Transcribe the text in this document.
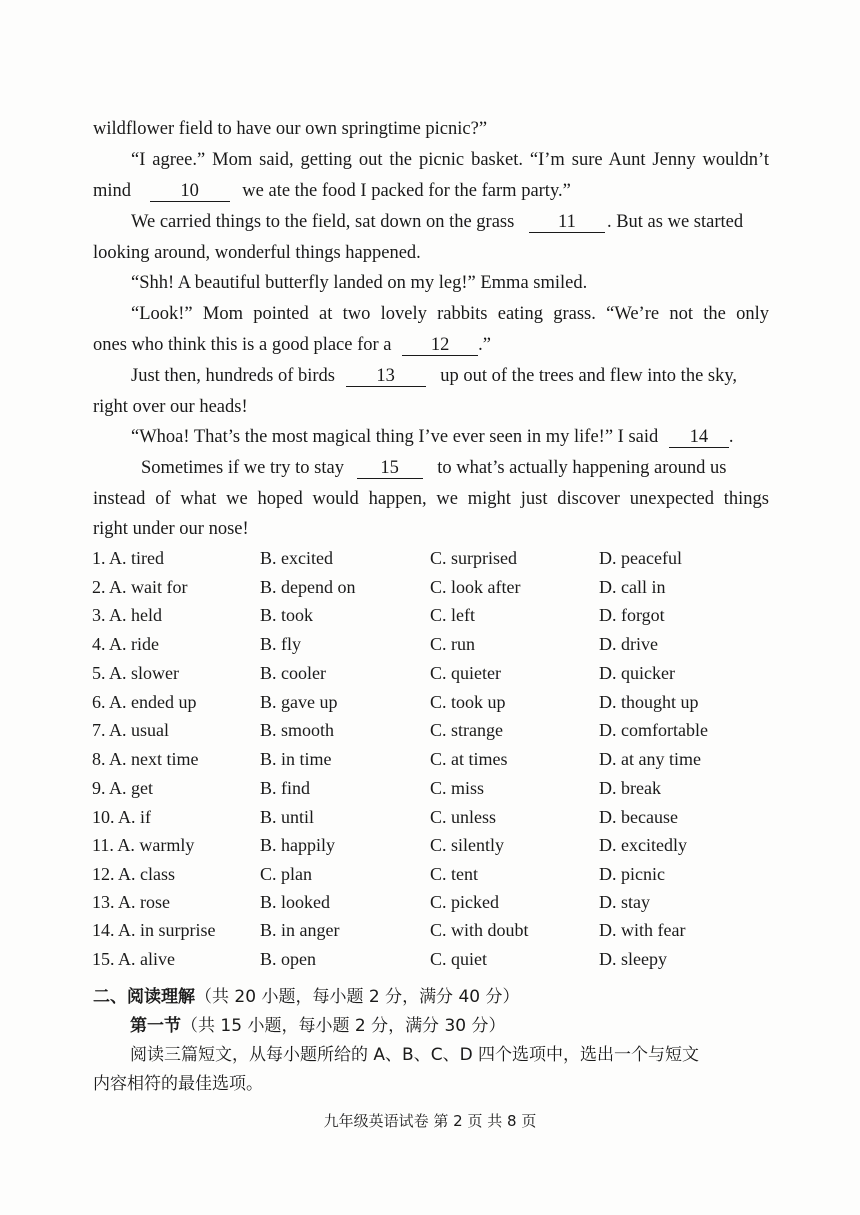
wildflower field to have our own springtime picnic?”
“I agree.” Mom said, getting out the picnic basket. “I’m sure Aunt Jenny wouldn’t
mind	10 we ate the food I packed for the farm party.”
We carried things to the field, sat down on the grass 11 . But as we started
looking around, wonderful things happened.
“Shh! A beautiful butterfly landed on my leg!” Emma smiled.
“Look!” Mom pointed at two lovely rabbits eating grass. “We’re not the only
ones who think this is a good place for a 12 .”
Just then, hundreds of birds 13 up out of the trees and flew into the sky,
right over our heads!
“Whoa! That’s the most magical thing I’ve ever seen in my life!” I said 14 .
Sometimes if we try to stay 15 to what’s actually happening around us
instead of what we hoped would happen, we might just discover unexpected things
right under our nose!
1. A. tired	B. excited	C. surprised	D. peaceful
2. A. wait for	B. depend on	C. look after	D. call in
3. A. held	B. took	C. left	D. forgot
4. A. ride	B. fly	C. run	D. drive
5. A. slower	B. cooler	C. quieter	D. quicker
6. A. ended up	B. gave up	C. took up	D. thought up
7. A. usual	B. smooth	C. strange	D. comfortable
8. A. next time	B. in time	C. at times	D. at any time
9. A. get	B. find	C. miss	D. break
10. A. if	B. until	C. unless	D. because
11. A. warmly	B. happily	C. silently	D. excitedly
12. A. class	C. plan	C. tent	D. picnic
13. A. rose	B. looked	C. picked	D. stay
14. A. in surprise B. in anger	C. with doubt	D. with fear
15. A. alive	B. open	C. quiet	D. sleepy
二、阅读理解（共 20 小题，每小题 2 分，满分 40 分）
第一节（共 15 小题，每小题 2 分，满分 30 分）
阅读三篇短文，从每小题所给的 A、B、C、D 四个选项中，选出一个与短文
内容相符的最佳选项。
九年级英语试卷 第 2 页 共 8 页
